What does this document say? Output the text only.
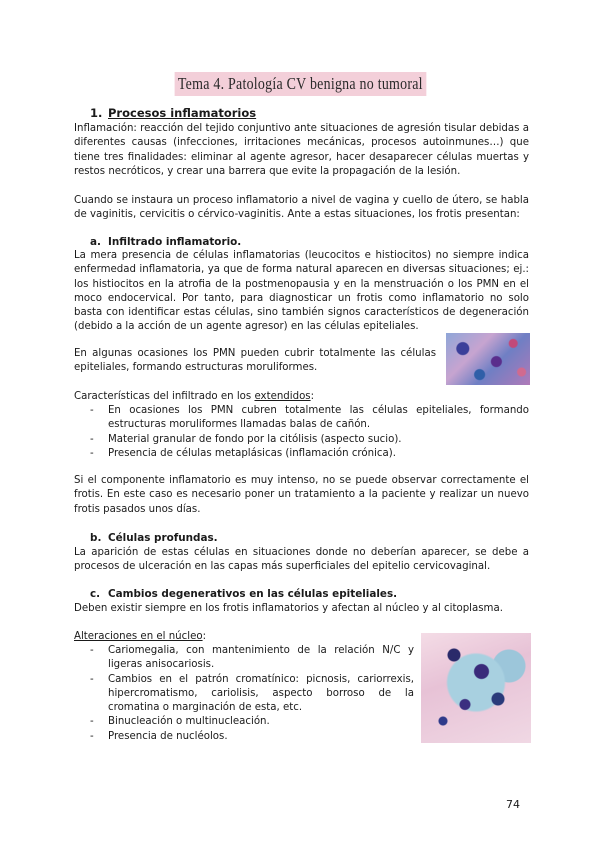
Tema 4. Patología CV benigna no tumoral
1. Procesos inflamatorios
Inflamación: reacción del tejido conjuntivo ante situaciones de agresión tisular debidas a diferentes causas (infecciones, irritaciones mecánicas, procesos autoinmunes…) que tiene tres finalidades: eliminar al agente agresor, hacer desaparecer células muertas y restos necróticos, y crear una barrera que evite la propagación de la lesión.
Cuando se instaura un proceso inflamatorio a nivel de vagina y cuello de útero, se habla de vaginitis, cervicitis o cérvico-vaginitis. Ante a estas situaciones, los frotis presentan:
a. Infiltrado inflamatorio.
La mera presencia de células inflamatorias (leucocitos e histiocitos) no siempre indica enfermedad inflamatoria, ya que de forma natural aparecen en diversas situaciones; ej.: los histiocitos en la atrofia de la postmenopausia y en la menstruación o los PMN en el moco endocervical. Por tanto, para diagnosticar un frotis como inflamatorio no solo basta con identificar estas células, sino también signos característicos de degeneración (debido a la acción de un agente agresor) en las células epiteliales.
En algunas ocasiones los PMN pueden cubrir totalmente las células epiteliales, formando estructuras moruliformes.
Características del infiltrado en los extendidos:
- En ocasiones los PMN cubren totalmente las células epiteliales, formando estructuras moruliformes llamadas balas de cañón.
- Material granular de fondo por la citólisis (aspecto sucio).
- Presencia de células metaplásicas (inflamación crónica).
Si el componente inflamatorio es muy intenso, no se puede observar correctamente el frotis. En este caso es necesario poner un tratamiento a la paciente y realizar un nuevo frotis pasados unos días.
b. Células profundas.
La aparición de estas células en situaciones donde no deberían aparecer, se debe a procesos de ulceración en las capas más superficiales del epitelio cervicovaginal.
c. Cambios degenerativos en las células epiteliales.
Deben existir siempre en los frotis inflamatorios y afectan al núcleo y al citoplasma.
Alteraciones en el núcleo:
- Cariomegalia, con mantenimiento de la relación N/C y ligeras anisocariosis.
- Cambios en el patrón cromatínico: picnosis, cariorrexis, hipercromatismo, cariolisis, aspecto borroso de la cromatina o marginación de esta, etc.
- Binucleación o multinucleación.
- Presencia de nucléolos.
74
